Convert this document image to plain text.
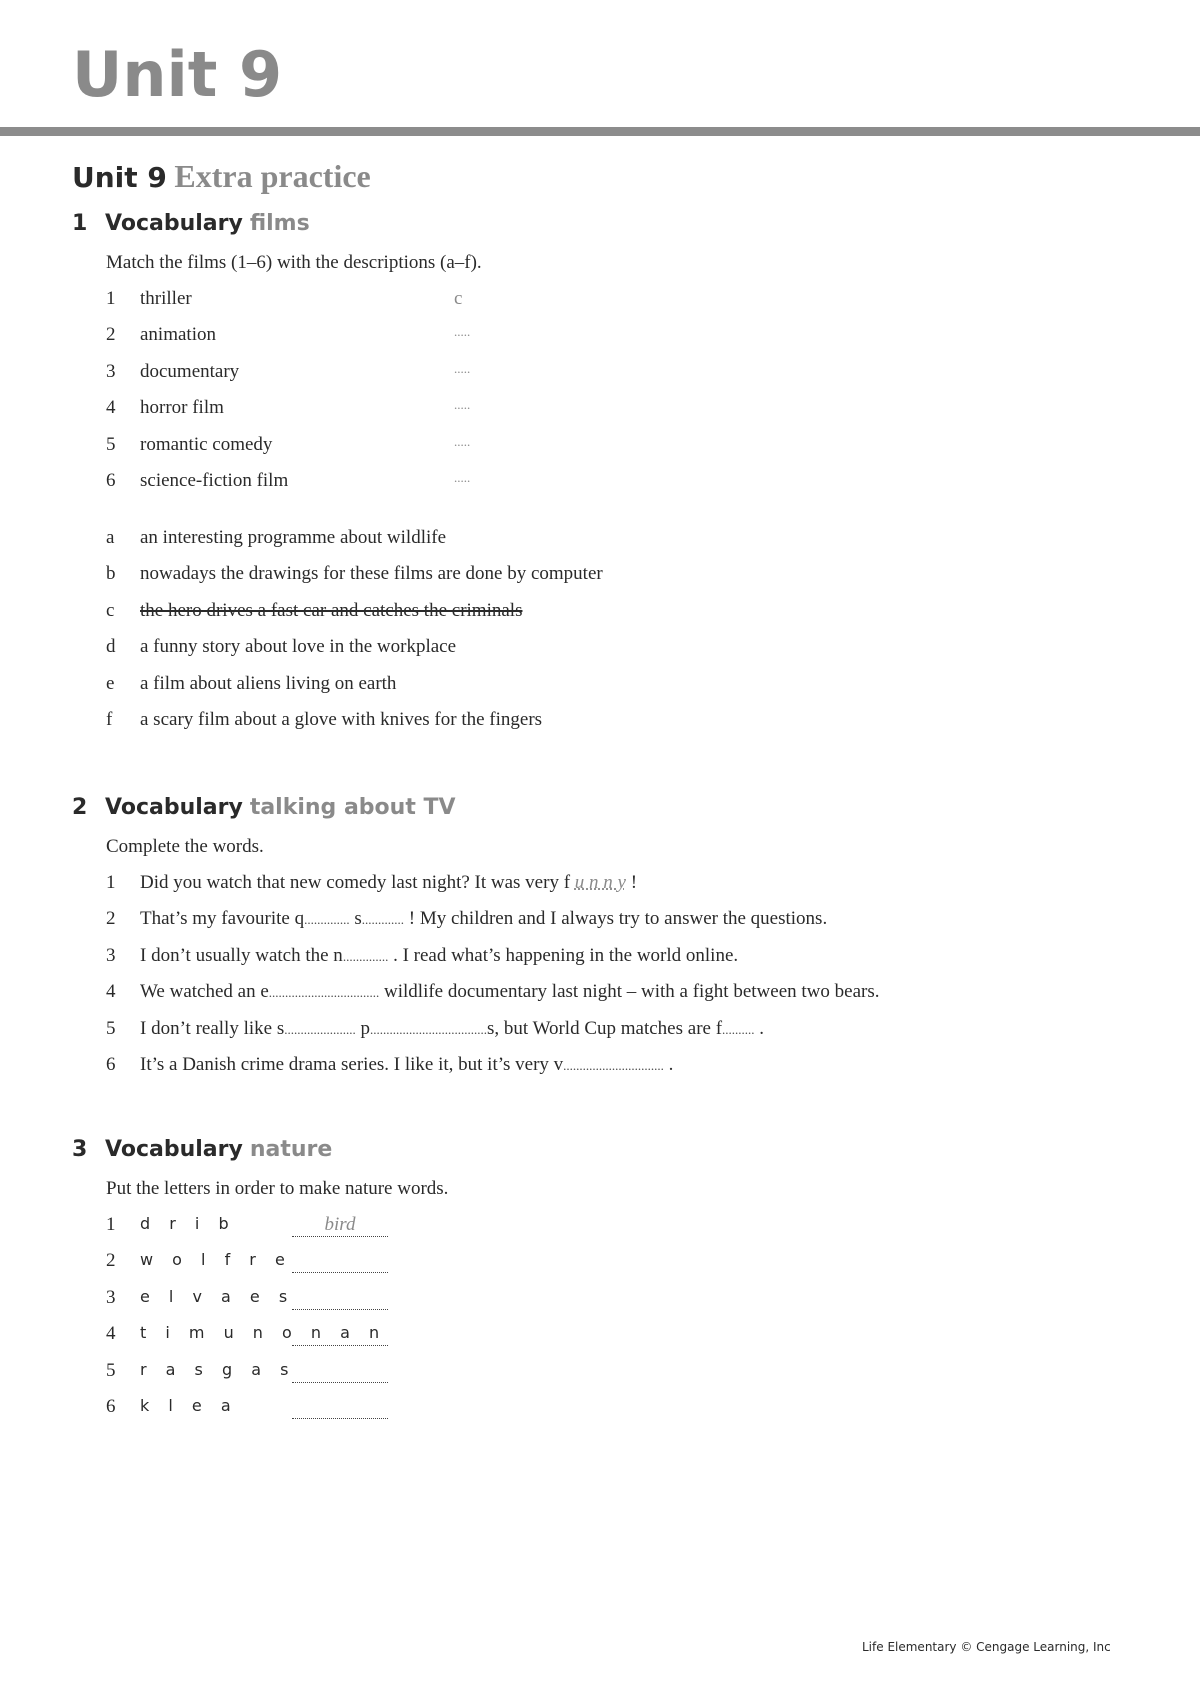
Unit 9
Unit 9 Extra practice
1 Vocabulary films
Match the films (1–6) with the descriptions (a–f).
1	thriller	c
2	animation	.....
3	documentary	.....
4	horror film	.....
5	romantic comedy	.....
6	science-fiction film	.....
a	an interesting programme about wildlife
b	nowadays the drawings for these films are done by computer
c	the hero drives a fast car and catches the criminals
d	a funny story about love in the workplace
e	a film about aliens living on earth
f	a scary film about a glove with knives for the fingers
2 Vocabulary talking about TV
Complete the words.
1	Did you watch that new comedy last night? It was very f u n n y !
2	That’s my favourite q.............. s............. ! My children and I always try to answer the questions.
3	I don’t usually watch the n.............. . I read what’s happening in the world online.
4	We watched an e.................................. wildlife documentary last night – with a fight between two bears.
5	I don’t really like s...................... p....................................s, but World Cup matches are f.......... .
6	It’s a Danish crime drama series. I like it, but it’s very v............................... .
3 Vocabulary nature
Put the letters in order to make nature words.
1	d r i b	bird
2	w o l f r e
3	e l v a e s
4	t i m u n o n a n
5	r a s g a s
6	k l e a
Life Elementary © Cengage Learning, Inc
